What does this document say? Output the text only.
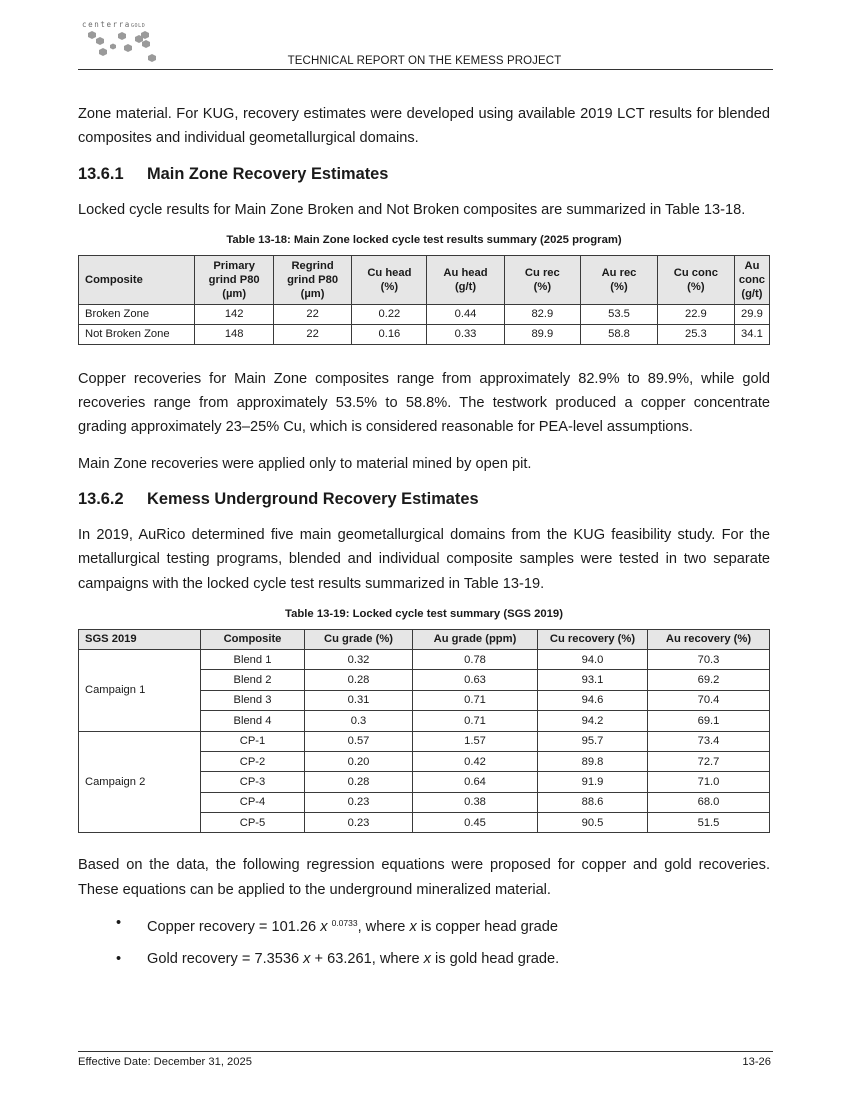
centerraGOLD
TECHNICAL REPORT ON THE KEMESS PROJECT

Zone material. For KUG, recovery estimates were developed using available 2019 LCT results for blended composites and individual geometallurgical domains.

13.6.1 Main Zone Recovery Estimates

Locked cycle results for Main Zone Broken and Not Broken composites are summarized in Table 13-18.

Table 13-18: Main Zone locked cycle test results summary (2025 program)
Composite	Primary
grind P80
(µm)	Regrind
grind P80
(µm)	Cu head
(%)	Au head
(g/t)	Cu rec
(%)	Au rec
(%)	Cu conc
(%)	Au conc
(g/t)
Broken Zone	142	22	0.22	0.44	82.9	53.5	22.9	29.9
Not Broken Zone	148	22	0.16	0.33	89.9	58.8	25.3	34.1

Copper recoveries for Main Zone composites range from approximately 82.9% to 89.9%, while gold recoveries range from approximately 53.5% to 58.8%. The testwork produced a copper concentrate grading approximately 23–25% Cu, which is considered reasonable for PEA-level assumptions.

Main Zone recoveries were applied only to material mined by open pit.

13.6.2 Kemess Underground Recovery Estimates

In 2019, AuRico determined five main geometallurgical domains from the KUG feasibility study. For the metallurgical testing programs, blended and individual composite samples were tested in two separate campaigns with the locked cycle test results summarized in Table 13-19.

Table 13-19: Locked cycle test summary (SGS 2019)
SGS 2019	Composite	Cu grade (%)	Au grade (ppm)	Cu recovery (%)	Au recovery (%)
Campaign 1	Blend 1	0.32	0.78	94.0	70.3
	Blend 2	0.28	0.63	93.1	69.2
	Blend 3	0.31	0.71	94.6	70.4
	Blend 4	0.3	0.71	94.2	69.1
Campaign 2	CP-1	0.57	1.57	95.7	73.4
	CP-2	0.20	0.42	89.8	72.7
	CP-3	0.28	0.64	91.9	71.0
	CP-4	0.23	0.38	88.6	68.0
	CP-5	0.23	0.45	90.5	51.5

Based on the data, the following regression equations were proposed for copper and gold recoveries. These equations can be applied to the underground mineralized material.

• Copper recovery = 101.26 x $^{0.0733}$, where x is copper head grade
• Gold recovery = 7.3536 x + 63.261, where x is gold head grade.
Effective Date: December 31, 2025	13-26
